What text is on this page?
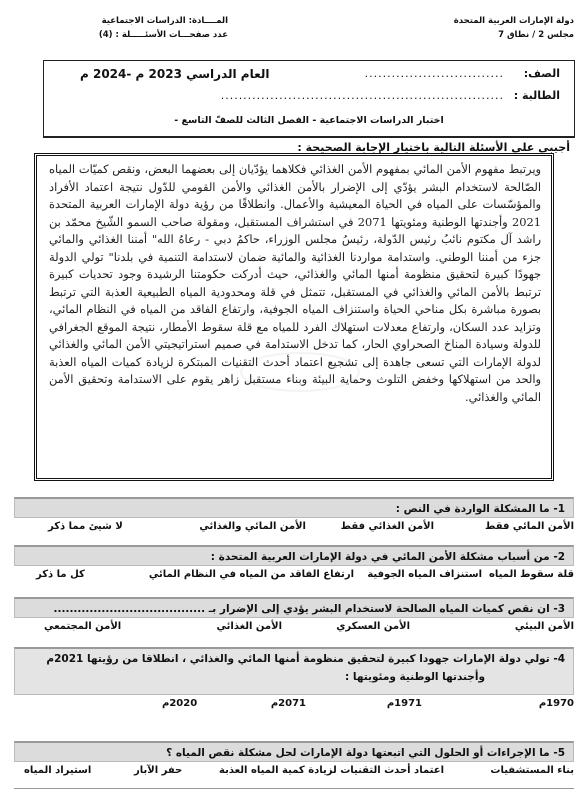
دولة الإمارات العربية المتحدة
مجلس 2 / نطاق 7
المــــادة: الدراسات الاجتماعية
عدد صفحـــات الأسئـــــلة : (4)
الصف:
...............................
الطالبة :
...............................................................
العام الدراسي 2023 م -2024 م
اختبار الدراسات الاجتماعية - الفصل الثالث للصفّ التاسع -
أجيبي على الأسئلة التالية باختيار الإجابة الصحيحة :

ويرتبط مفهوم الأمن المائي بمفهوم الأمن الغذائي فكلاهما يؤدّيان إلى بعضهما البعض، ونقص كميّات المياه الصّالحة لاستخدام البشر يؤدّي إلى الإضرار بالأمن الغذائي والأمن القومي للدّول نتيجة اعتماد الأفراد والمؤسّسات على المياه في الحياة المعيشية والأعمال. وانطلاقًا من رؤية دولة الإمارات العربية المتحدة 2021 وأجندتها الوطنية ومئويتها 2071 في استشراف المستقبل، ومقولة صاحب السمو الشّيخ محمّد بن راشد آل مكتوم نائبُ رئيس الدّولة، رئيسُ مجلس الوزراء، حاكمُ دبي - رعاهُ الله" أمننا الغذائي والمائي جزء من أمننا الوطني. واستدامة مواردنا الغذائية والمائية ضمان لاستدامة التنمية في بلدنا" تولي الدولة جهودًا كبيرة لتحقيق منظومة أمنها المائي والغذائي، حيث أدركت حكومتنا الرشيدة وجود تحديات كبيرة ترتبط بالأمن المائي والغذائي في المستقبل، تتمثل في قلة ومحدودية المياه الطبيعية العذبة التي ترتبط بصورة مباشرة بكل مناحي الحياة واستنزاف المياه الجوفية، وارتفاع الفاقد من المياه في النظام المائي، وتزايد عدد السكان، وارتفاع معدلات استهلاك الفرد للمياه مع قلة سقوط الأمطار، نتيجة الموقع الجغرافي للدولة وسيادة المناخ الصحراوي الحار، كما تدخل الاستدامة في صميم استراتيجيتي الأمن المائي والغذائي لدولة الإمارات التي تسعى جاهدة إلى تشجيع اعتماد أحدث التقنيات المبتكرة لزيادة كميات المياه العذبة والحد من استهلاكها وخفض التلوث وحماية البيئة وبناء مستقبل زاهر يقوم على الاستدامة وتحقيق الأمن المائي والغذائي.

1- ما المشكلة الواردة في النص :
الأمن المائي فقط
الأمن الغذائي فقط
الأمن المائي والغذائي
لا شيئ مما ذكر
2- من أسباب مشكلة الأمن المائي في دولة الإمارات العربية المتحدة :
قلة سقوط المياه
استنزاف المياه الجوفية
ارتفاع الفاقد من المياه في النظام المائي
كل ما ذكر
3- ان نقص كميات المياه الصالحة لاستخدام البشر يؤدي إلى الإضرار بـ ......................................
الأمن البيئي
الأمن العسكري
الأمن الغذائي
الأمن المجتمعي
4- تولي دولة الإمارات جهودا كبيرة لتحقيق منظومة أمنها المائي والغذائي ، انطلاقا من رؤيتها 2021م
وأجندتها الوطنية ومئويتها :
1970م
1971م
2071م
2020م
5- ما الإجراءات أو الحلول التي اتبعتها دولة الإمارات لحل مشكلة نقص المياه ؟
بناء المستشفيات
اعتماد أحدث التقنيات لزيادة كمية المياه العذبة
حفر الآبار
استيراد المياه
